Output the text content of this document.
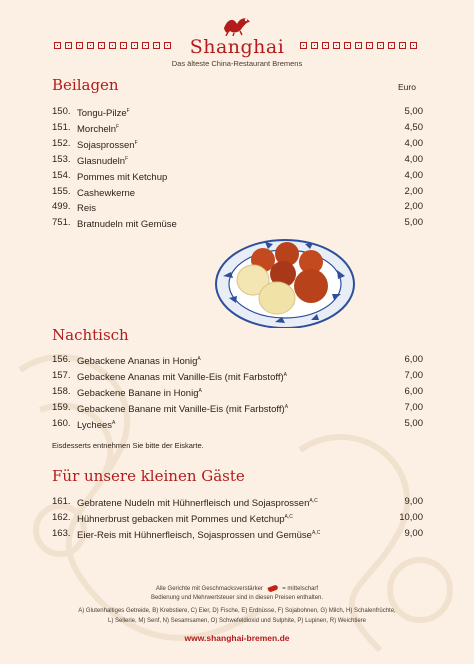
Shanghai
Das älteste China-Restaurant Bremens
Beilagen	Euro
150. Tongu-Pilze$^F$	5,00
151. Morcheln$^F$	4,50
152. Sojasprossen$^F$	4,00
153. Glasnudeln$^F$	4,00
154. Pommes mit Ketchup	4,00
155. Cashewkerne	2,00
499. Reis	2,00
751. Bratnudeln mit Gemüse	5,00
Nachtisch
156. Gebackene Ananas in Honig$^A$	6,00
157. Gebackene Ananas mit Vanille-Eis (mit Farbstoff)$^A$	7,00
158. Gebackene Banane in Honig$^A$	6,00
159. Gebackene Banane mit Vanille-Eis (mit Farbstoff)$^A$	7,00
160. Lychees$^A$	5,00
Eisdesserts entnehmen Sie bitte der Eiskarte.
Für unsere kleinen Gäste
161. Gebratene Nudeln mit Hühnerfleisch und Sojasprossen$^{A,C}$	9,00
162. Hühnerbrust gebacken mit Pommes und Ketchup$^{A,C}$	10,00
163. Eier-Reis mit Hühnerfleisch, Sojasprossen und Gemüse$^{A,C}$	9,00
Alle Gerichte mit Geschmacksverstärker	= mittelscharf
Bedienung und Mehrwertsteuer sind in diesen Preisen enthalten.
A) Glutenhaltiges Getreide, B) Krebstiere, C) Eier, D) Fische, E) Erdnüsse, F) Sojabohnen, G) Milch, H) Schalenfrüchte,
L) Sellerie, M) Senf, N) Sesamsamen, O) Schwefeldioxid und Sulphite, P) Lupinen, R) Weichtiere
www.shanghai-bremen.de
